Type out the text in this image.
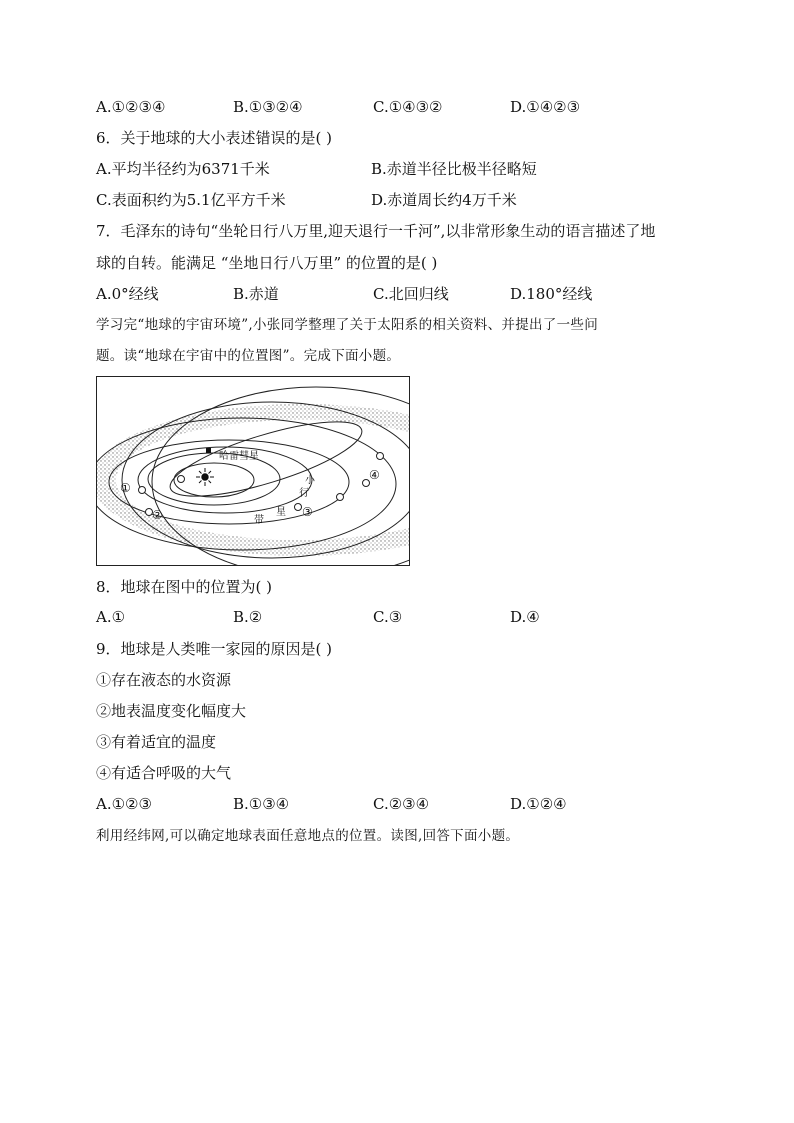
A.①②③④	B.①③②④	C.①④③②	D.①④②③
6．关于地球的大小表述错误的是( )
A.平均半径约为6371千米	B.赤道半径比极半径略短
C.表面积约为5.1亿平方千米	D.赤道周长约4万千米
7．毛泽东的诗句“坐轮日行八万里,迎天退行一千河”,以非常形象生动的语言描述了地
球的自转。能满足 “坐地日行八万里” 的位置的是( )
A.0°经线	B.赤道	C.北回归线	D.180°经线
学习完“地球的宇宙环境”,小张同学整理了关于太阳系的相关资料、并提出了一些问
题。读“地球在宇宙中的位置图”。完成下面小题。
哈雷彗星
①
②	③
④
小
行
星
带
8．地球在图中的位置为( )
A.①	B.②	C.③	D.④
9．地球是人类唯一家园的原因是( )
①存在液态的水资源
②地表温度变化幅度大
③有着适宜的温度
④有适合呼吸的大气
A.①②③	B.①③④	C.②③④	D.①②④
利用经纬网,可以确定地球表面任意地点的位置。读图,回答下面小题。
